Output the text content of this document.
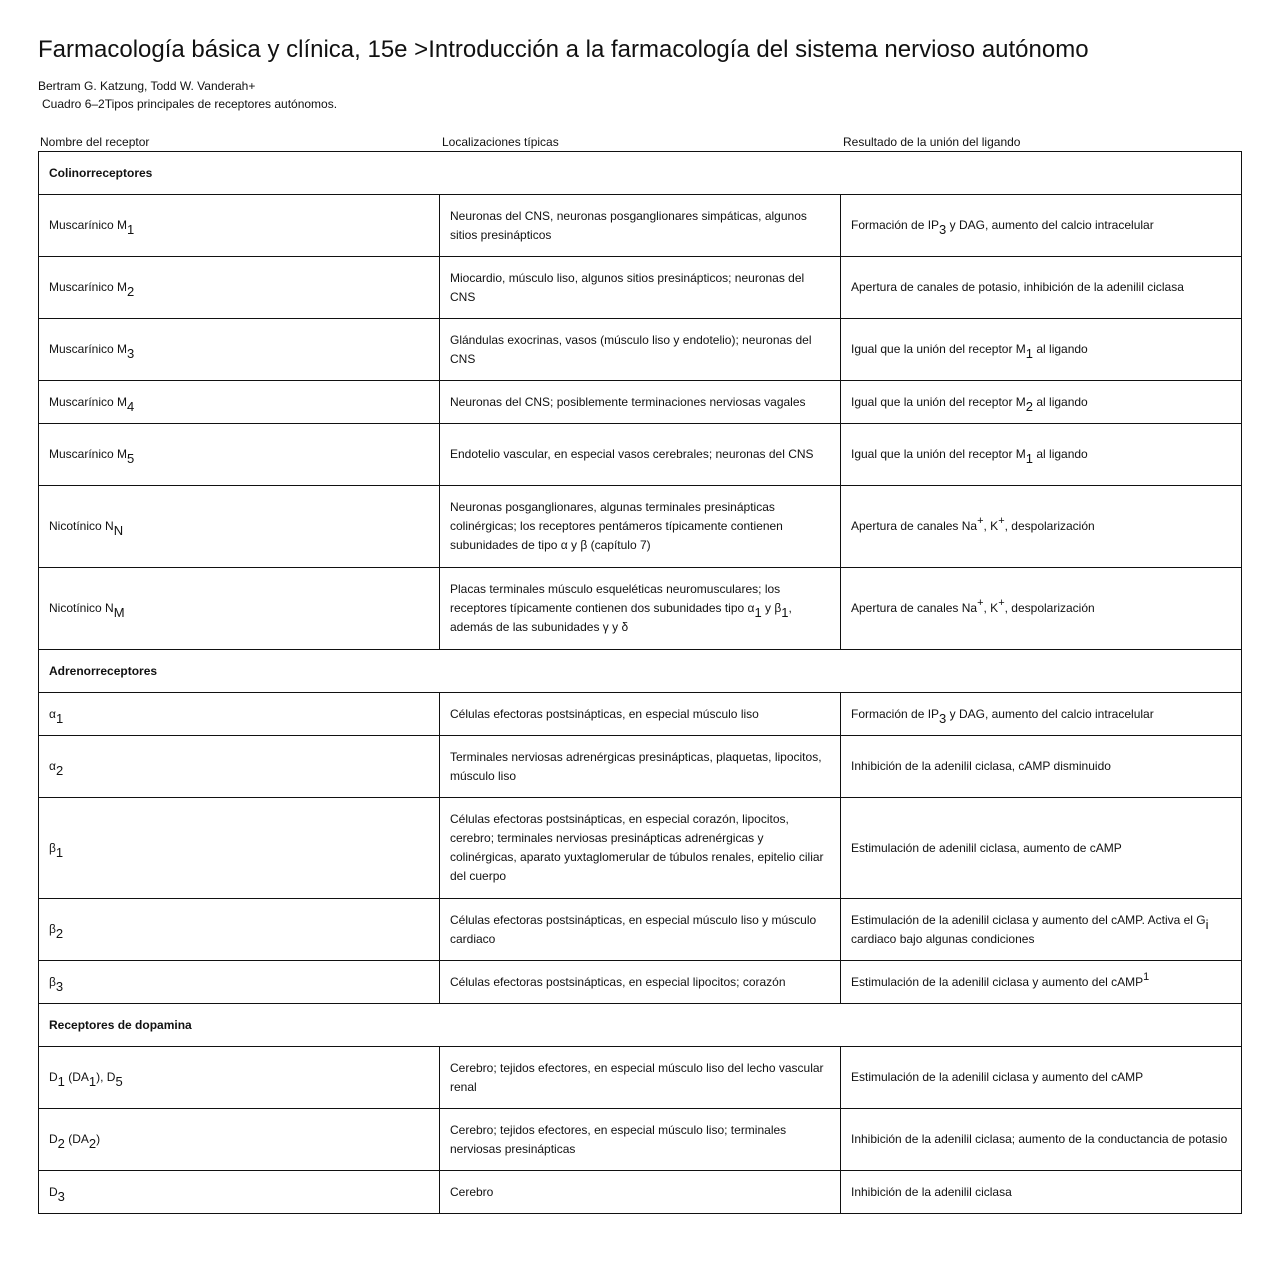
Farmacología básica y clínica, 15e >Introducción a la farmacología del sistema nervioso autónomo
Bertram G. Katzung, Todd W. Vanderah+
Cuadro 6–2Tipos principales de receptores autónomos.
Nombre del receptor	Localizaciones típicas	Resultado de la unión del ligando
Colinorreceptores		
Muscarínico $M_1$	Neuronas del CNS, neuronas posganglionares simpáticas, algunos sitios presinápticos	Formación de $IP_3$ y DAG, aumento del calcio intracelular
Muscarínico $M_2$	Miocardio, músculo liso, algunos sitios presinápticos; neuronas del CNS	Apertura de canales de potasio, inhibición de la adenilil ciclasa
Muscarínico $M_3$	Glándulas exocrinas, vasos (músculo liso y endotelio); neuronas del CNS	Igual que la unión del receptor $M_1$ al ligando
Muscarínico $M_4$	Neuronas del CNS; posiblemente terminaciones nerviosas vagales	Igual que la unión del receptor $M_2$ al ligando
Muscarínico $M_5$	Endotelio vascular, en especial vasos cerebrales; neuronas del CNS	Igual que la unión del receptor $M_1$ al ligando
Nicotínico $N_N$	Neuronas posganglionares, algunas terminales presinápticas colinérgicas; los receptores pentámeros típicamente contienen subunidades de tipo α y β (capítulo 7)	Apertura de canales Na+, K+, despolarización
Nicotínico $N_M$	Placas terminales músculo esqueléticas neuromusculares; los receptores típicamente contienen dos subunidades tipo $\alpha_1$ y $\beta_1$, además de las subunidades γ y δ	Apertura de canales Na+, K+, despolarización
Adrenorreceptores		
$\alpha_1$	Células efectoras postsinápticas, en especial músculo liso	Formación de $IP_3$ y DAG, aumento del calcio intracelular
$\alpha_2$	Terminales nerviosas adrenérgicas presinápticas, plaquetas, lipocitos, músculo liso	Inhibición de la adenilil ciclasa, cAMP disminuido
$\beta_1$	Células efectoras postsinápticas, en especial corazón, lipocitos, cerebro; terminales nerviosas presinápticas adrenérgicas y colinérgicas, aparato yuxtaglomerular de túbulos renales, epitelio ciliar del cuerpo	Estimulación de adenilil ciclasa, aumento de cAMP
$\beta_2$	Células efectoras postsinápticas, en especial músculo liso y músculo cardiaco	Estimulación de la adenilil ciclasa y aumento del cAMP. Activa el $G_i$ cardiaco bajo algunas condiciones
$\beta_3$	Células efectoras postsinápticas, en especial lipocitos; corazón	Estimulación de la adenilil ciclasa y aumento del cAMP$^1$
Receptores de dopamina		
$D_1$ $(DA_1)$, $D_5$	Cerebro; tejidos efectores, en especial músculo liso del lecho vascular renal	Estimulación de la adenilil ciclasa y aumento del cAMP
$D_2$ $(DA_2)$	Cerebro; tejidos efectores, en especial músculo liso; terminales nerviosas presinápticas	Inhibición de la adenilil ciclasa; aumento de la conductancia de potasio
$D_3$	Cerebro	Inhibición de la adenilil ciclasa
